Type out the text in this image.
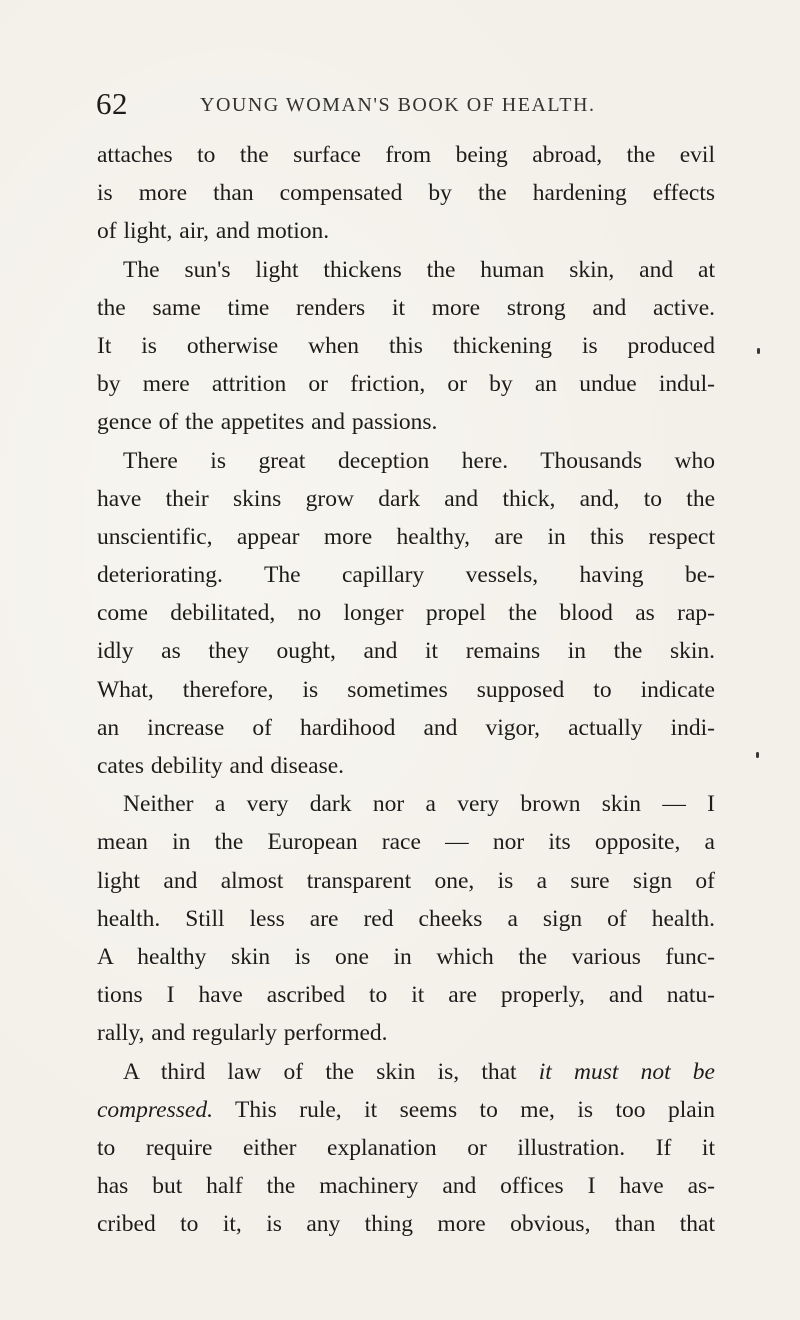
62	YOUNG WOMAN'S BOOK OF HEALTH.
attaches to the surface from being abroad, the evil
is more than compensated by the hardening effects
of light, air, and motion.
The sun's light thickens the human skin, and at
the same time renders it more strong and active.
It is otherwise when this thickening is produced
by mere attrition or friction, or by an undue indul-
gence of the appetites and passions.
There is great deception here. Thousands who
have their skins grow dark and thick, and, to the
unscientific, appear more healthy, are in this respect
deteriorating. The capillary vessels, having be-
come debilitated, no longer propel the blood as rap-
idly as they ought, and it remains in the skin.
What, therefore, is sometimes supposed to indicate
an increase of hardihood and vigor, actually indi-
cates debility and disease.
Neither a very dark nor a very brown skin — I
mean in the European race — nor its opposite, a
light and almost transparent one, is a sure sign of
health. Still less are red cheeks a sign of health.
A healthy skin is one in which the various func-
tions I have ascribed to it are properly, and natu-
rally, and regularly performed.
A third law of the skin is, that it must not be
compressed. This rule, it seems to me, is too plain
to require either explanation or illustration. If it
has but half the machinery and offices I have as-
cribed to it, is any thing more obvious, than that
